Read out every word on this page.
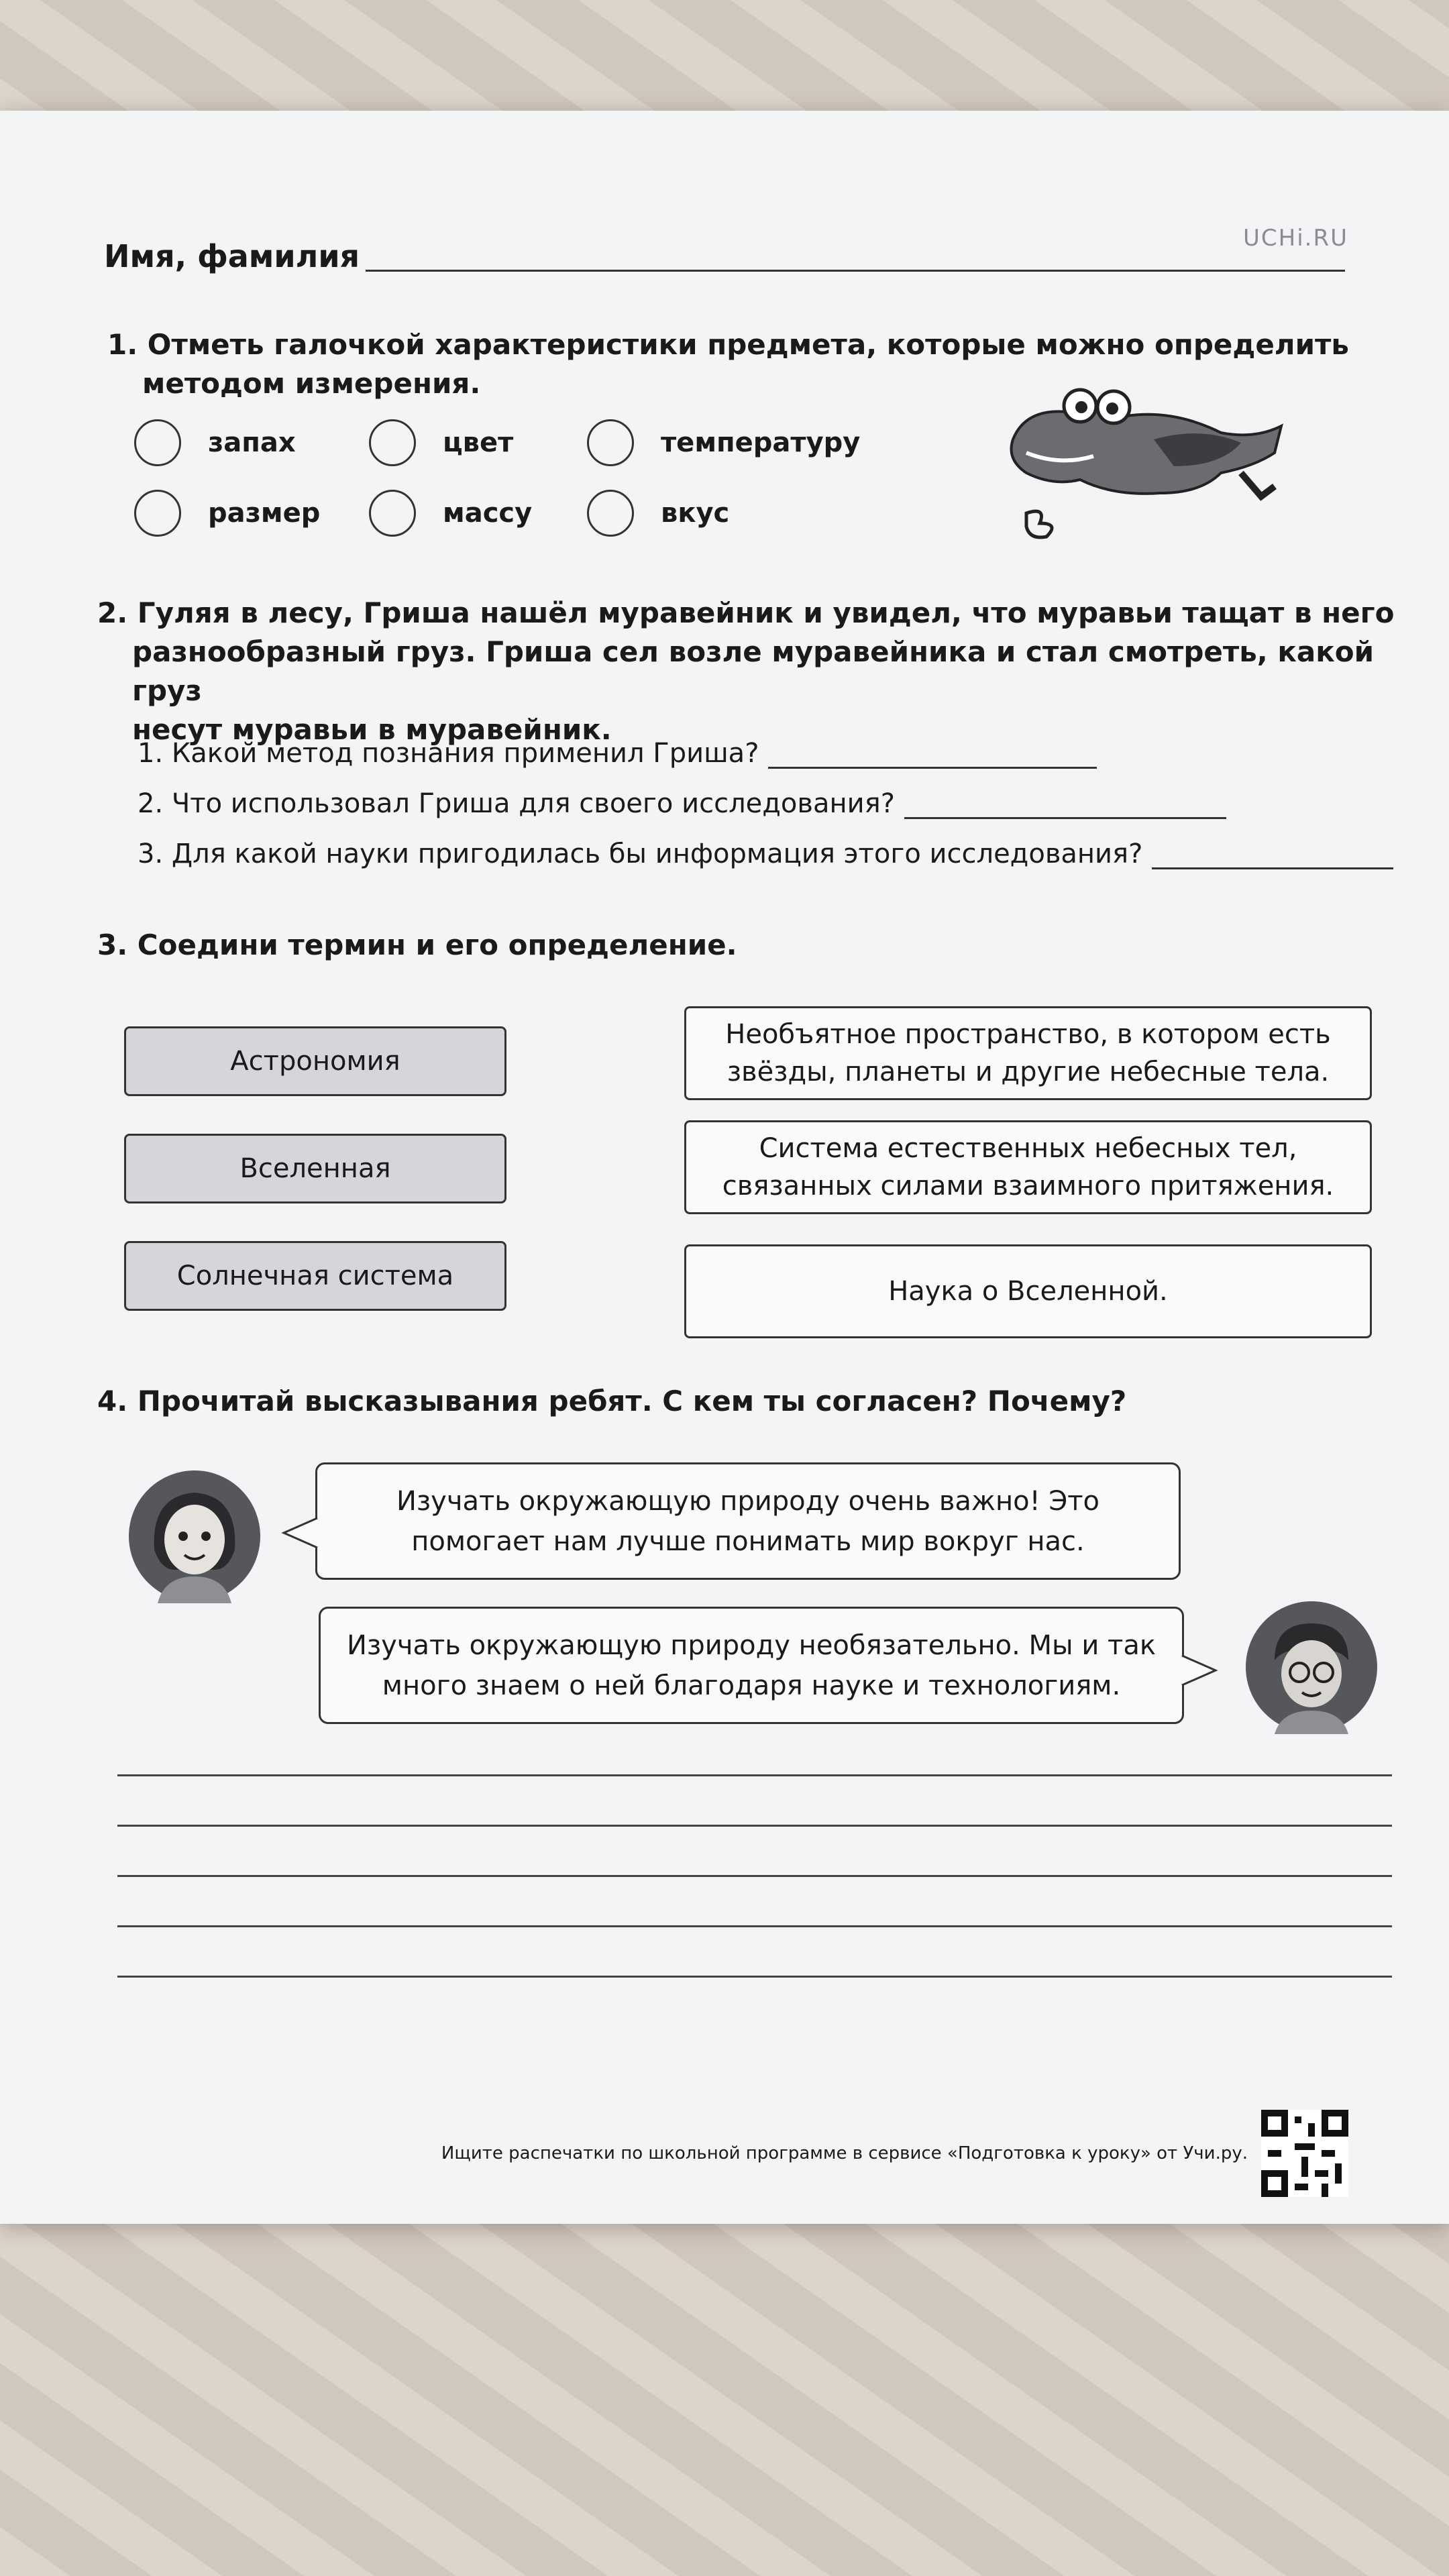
UCHi.RU
Имя, фамилия
1. Отметь галочкой характеристики предмета, которые можно определить
методом измерения.
запах	цвет	температуру
размер	массу	вкус
2. Гуляя в лесу, Гриша нашёл муравейник и увидел, что муравьи тащат в него
разнообразный груз. Гриша сел возле муравейника и стал смотреть, какой груз
несут муравьи в муравейник.
1. Какой метод познания применил Гриша?
2. Что использовал Гриша для своего исследования?
3. Для какой науки пригодилась бы информация этого исследования?
3. Соедини термин и его определение.
Астрономия
Вселенная
Солнечная система
Необъятное пространство, в котором есть
звёзды, планеты и другие небесные тела.
Система естественных небесных тел,
связанных силами взаимного притяжения.
Наука о Вселенной.
4. Прочитай высказывания ребят. С кем ты согласен? Почему?
Изучать окружающую природу очень важно! Это
помогает нам лучше понимать мир вокруг нас.
Изучать окружающую природу необязательно. Мы и так
много знаем о ней благодаря науке и технологиям.
Ищите распечатки по школьной программе в сервисе «Подготовка к уроку» от Учи.ру.
